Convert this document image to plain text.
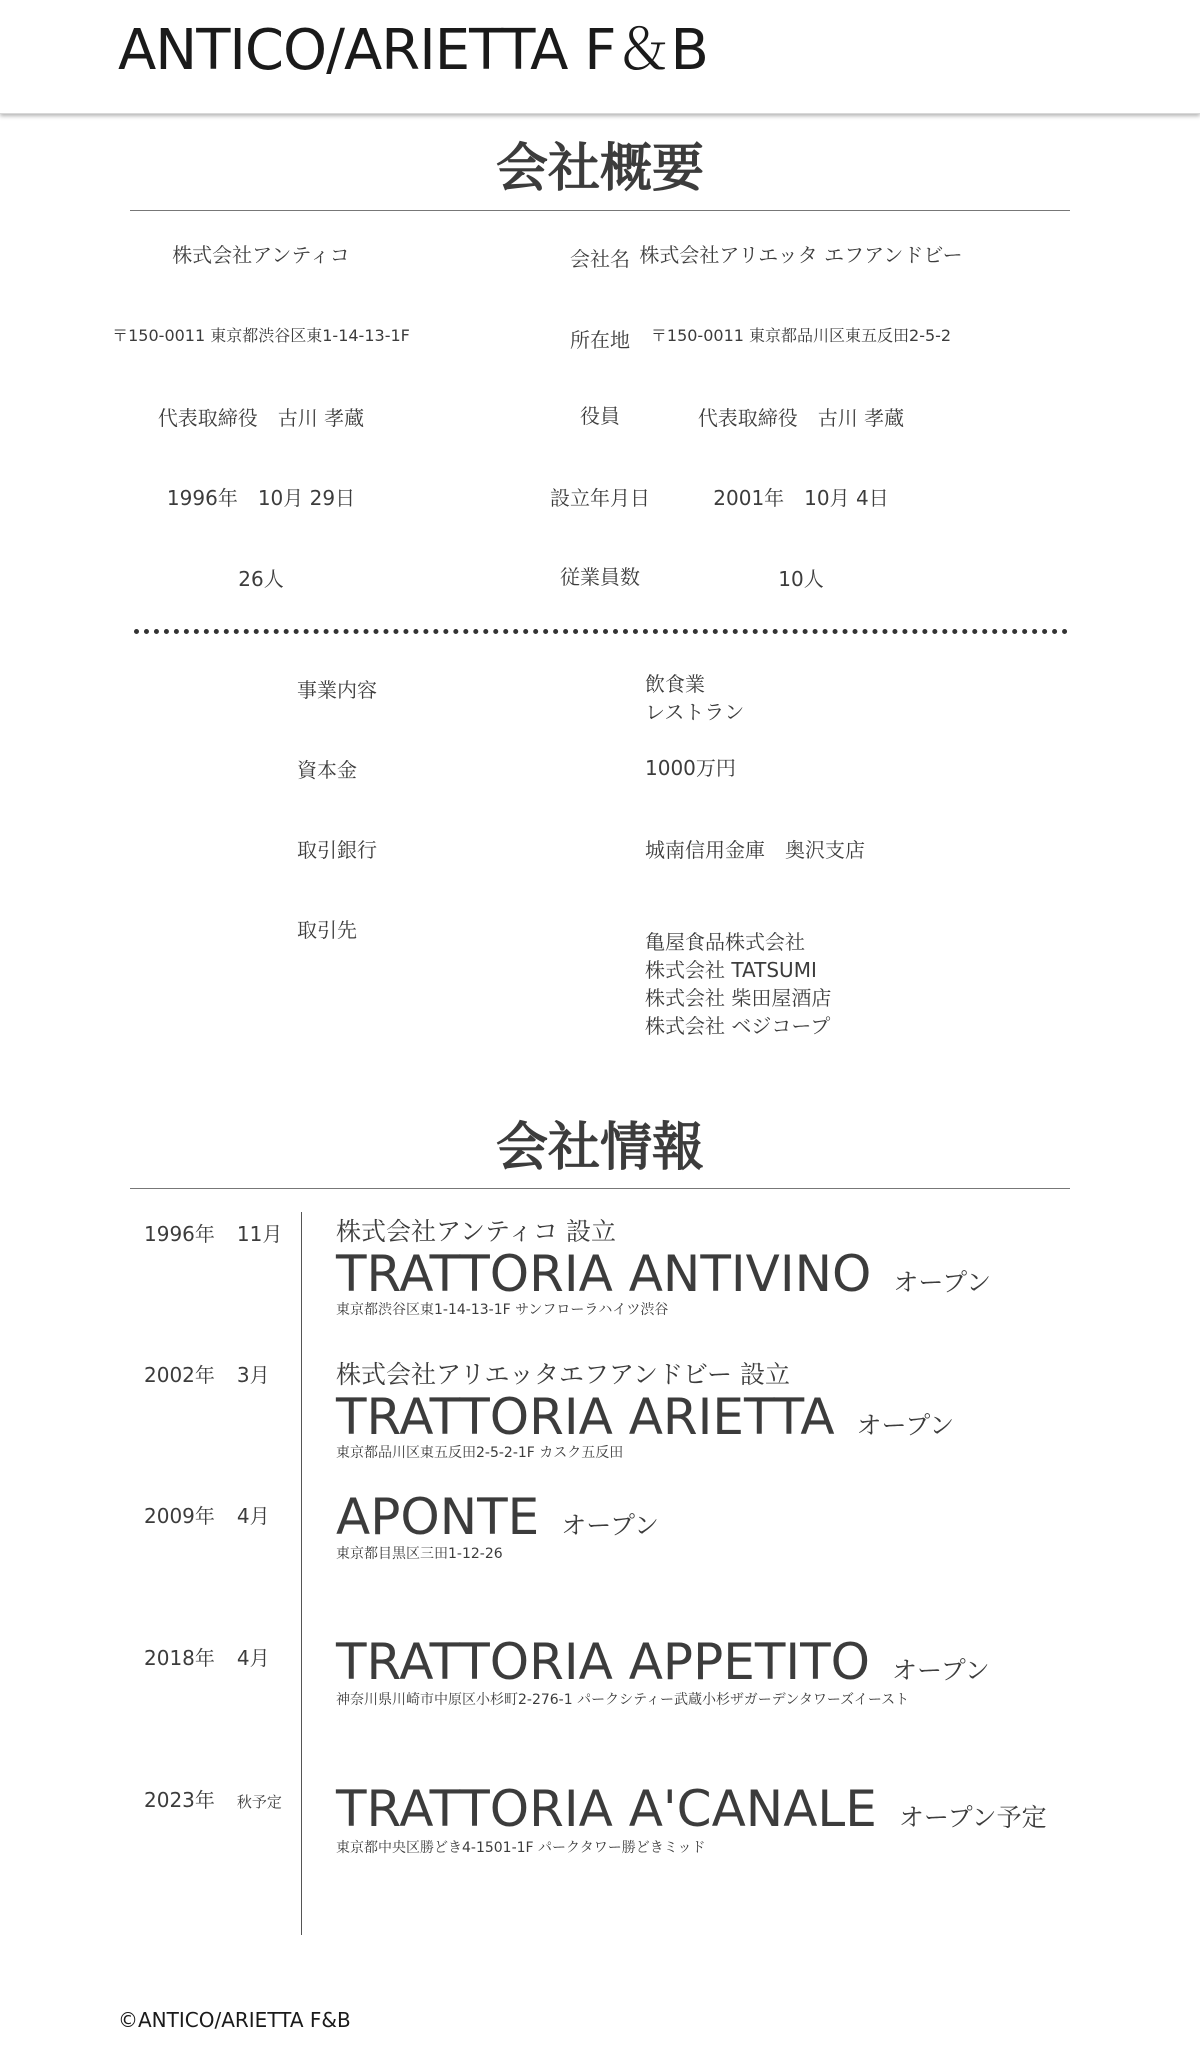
ANTICO/ARIETTA F＆B
会社概要
株式会社アンティコ	会社名 株式会社アリエッタ エフアンドビー
〒150-0011 東京都渋谷区東1-14-13-1F	所在地	〒150-0011 東京都品川区東五反田2-5-2
代表取締役　古川 孝蔵	役員	代表取締役　古川 孝蔵
1996年　10月 29日	設立年月日	2001年　10月 4日
26人	従業員数	10人
事業内容	飲食業
レストラン
資本金	1000万円
取引銀行	城南信用金庫　奥沢支店
取引先	亀屋食品株式会社
株式会社 TATSUMI
株式会社 柴田屋酒店
株式会社 ベジコープ
会社情報
1996年 11月 株式会社アンティコ 設立
TRATTORIA ANTIVINO オープン
東京都渋谷区東1-14-13-1F サンフローラハイツ渋谷
2002年 3月	株式会社アリエッタエフアンドビー 設立
TRATTORIA ARIETTA オープン
東京都品川区東五反田2-5-2-1F カスク五反田
2009年 4月 APONTE オープン
東京都目黒区三田1-12-26
2018年 4月 TRATTORIA APPETITO オープン
神奈川県川崎市中原区小杉町2-276-1 パークシティー武蔵小杉ザガーデンタワーズイースト
2023年 秋予定 TRATTORIA A'CANALE オープン予定
東京都中央区勝どき4-1501-1F パークタワー勝どきミッド
©ANTICO/ARIETTA F&B
